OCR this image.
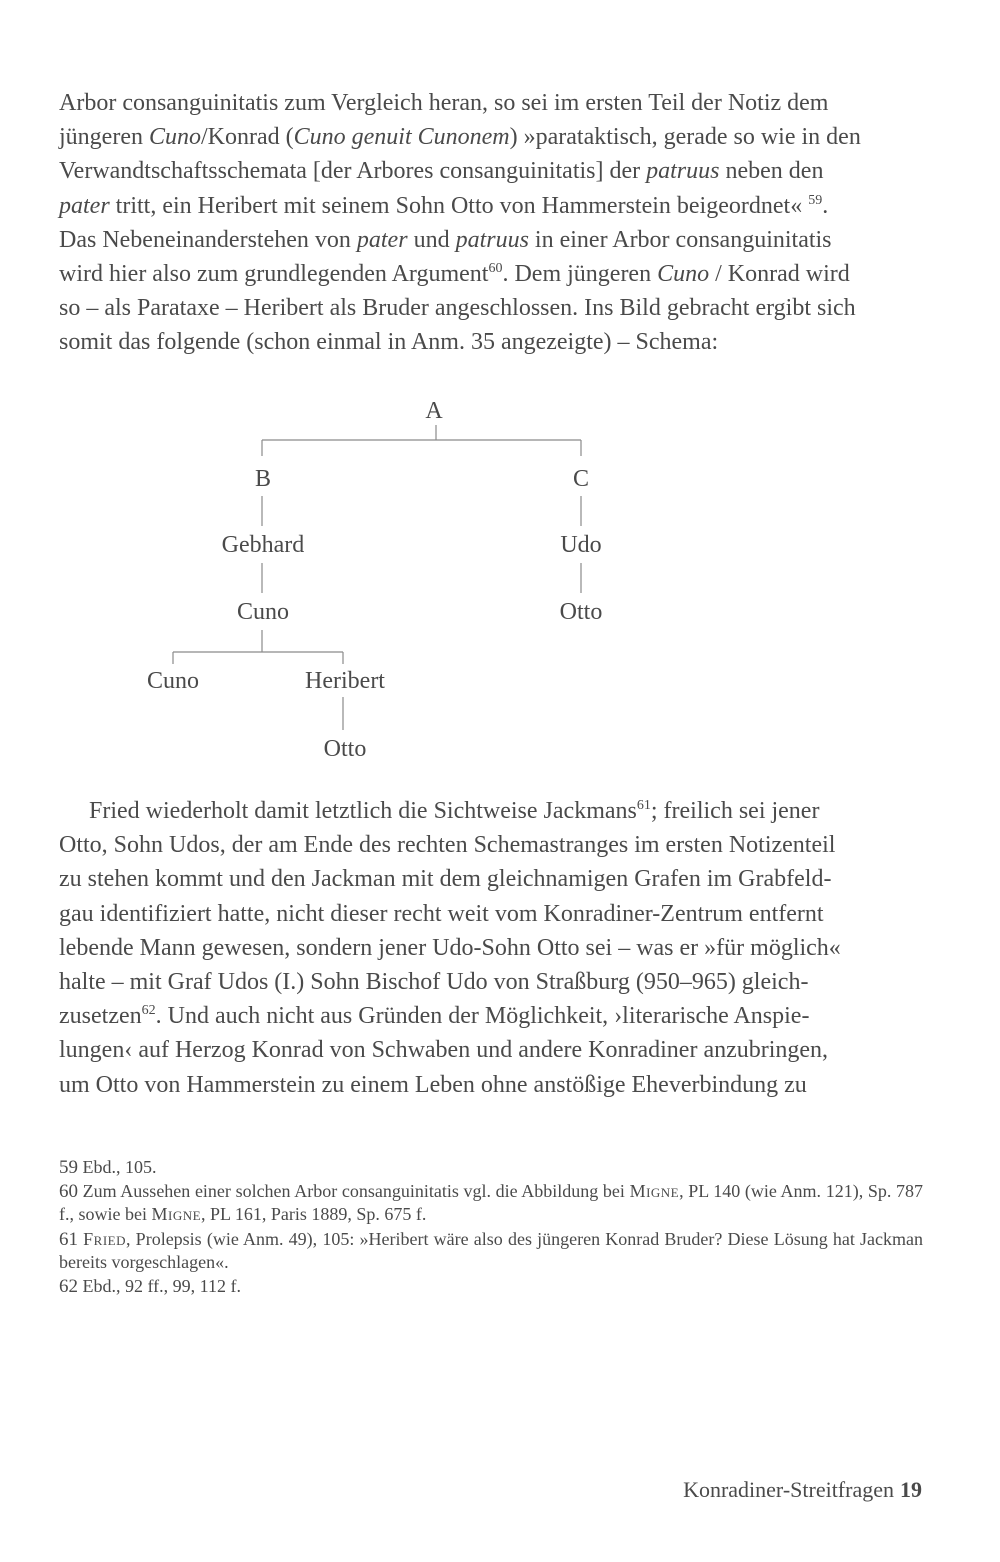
Arbor consanguinitatis zum Vergleich heran, so sei im ersten Teil der Notiz dem

jüngeren Cuno/Konrad (Cuno genuit Cunonem) »parataktisch, gerade so wie in den

Verwandtschaftsschemata [der Arbores consanguinitatis] der patruus neben den

pater tritt, ein Heribert mit seinem Sohn Otto von Hammerstein beigeordnet« $^{59}$.

Das Nebeneinanderstehen von pater und patruus in einer Arbor consanguinitatis

wird hier also zum grundlegenden Argument$^{60}$. Dem jüngeren Cuno / Konrad wird

so – als Parataxe – Heribert als Bruder angeschlossen. Ins Bild gebracht ergibt sich

somit das folgende (schon einmal in Anm. 35 angezeigte) – Schema:

A
B	C
Gebhard	Udo
Cuno	Otto
Cuno	Heribert
Otto

Fried wiederholt damit letztlich die Sichtweise Jackmans$^{61}$; freilich sei jener

Otto, Sohn Udos, der am Ende des rechten Schemastranges im ersten Notizenteil

zu stehen kommt und den Jackman mit dem gleichnamigen Grafen im Grabfeld-

gau identifiziert hatte, nicht dieser recht weit vom Konradiner-Zentrum entfernt

lebende Mann gewesen, sondern jener Udo-Sohn Otto sei – was er »für möglich«

halte – mit Graf Udos (I.) Sohn Bischof Udo von Straßburg (950–965) gleich-

zusetzen$^{62}$. Und auch nicht aus Gründen der Möglichkeit, ›literarische Anspie-

lungen‹ auf Herzog Konrad von Schwaben und andere Konradiner anzubringen,

um Otto von Hammerstein zu einem Leben ohne anstößige Eheverbindung zu

59 Ebd., 105.

60 Zum Aussehen einer solchen Arbor consanguinitatis vgl. die Abbildung bei Migne, PL 140 (wie Anm. 121), Sp. 787 f., sowie bei Migne, PL 161, Paris 1889, Sp. 675 f.

61 Fried, Prolepsis (wie Anm. 49), 105: »Heribert wäre also des jüngeren Konrad Bruder? Diese Lösung hat Jackman bereits vorgeschlagen«.

62 Ebd., 92 ff., 99, 112 f.

Konradiner-Streitfragen 19
